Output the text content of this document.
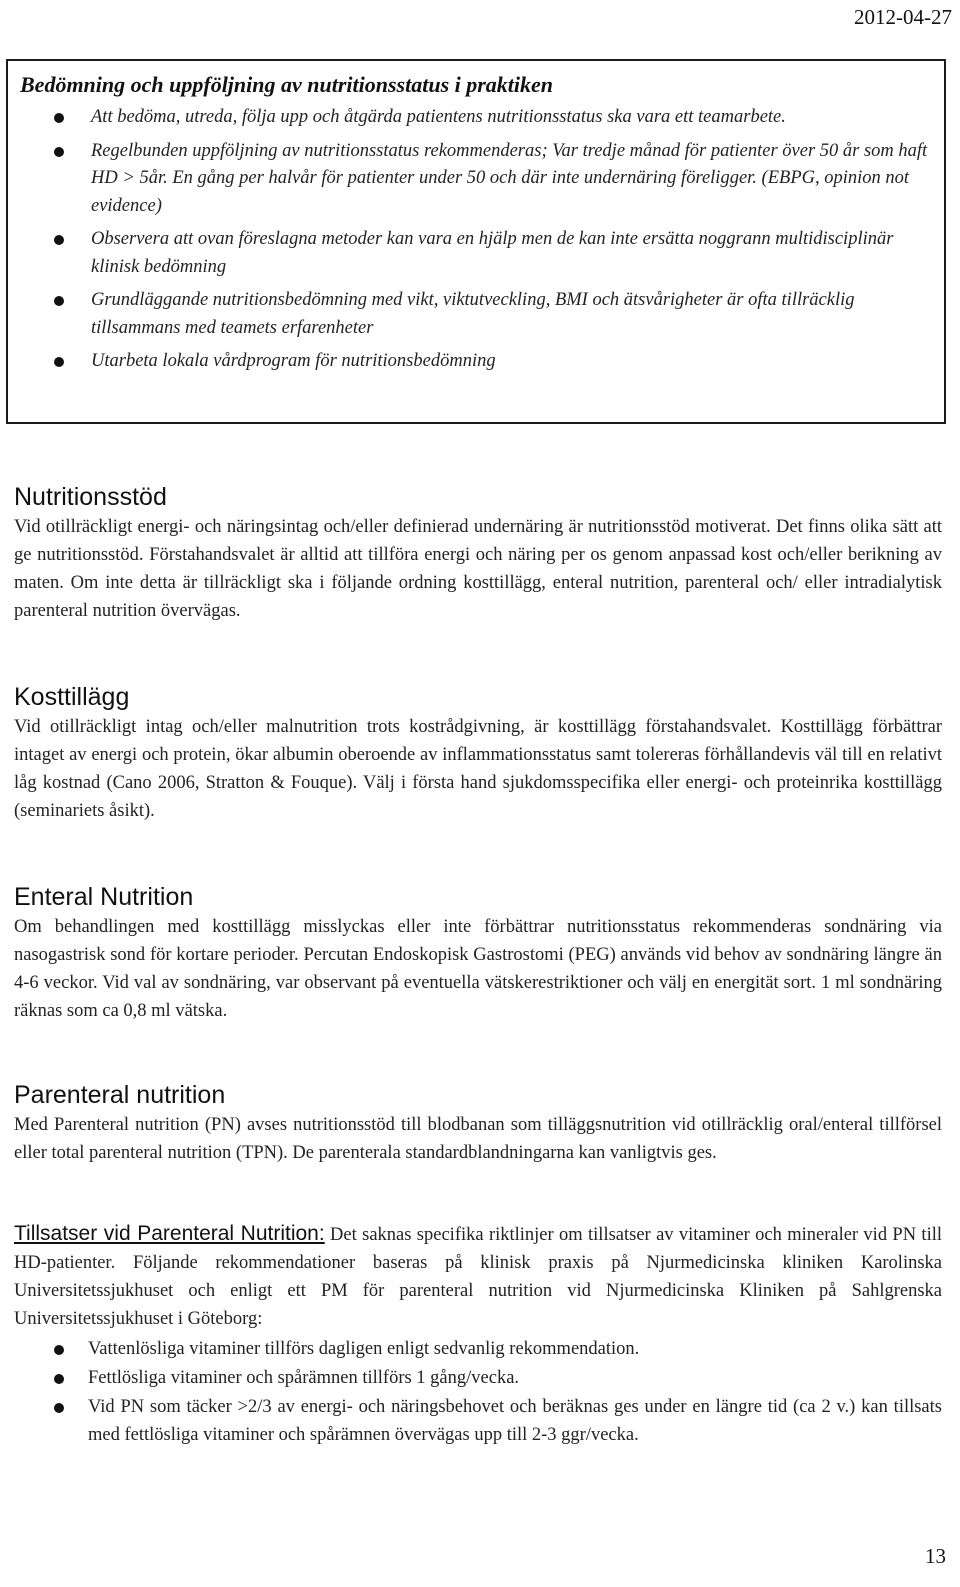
2012-04-27
Bedömning och uppföljning av nutritionsstatus i praktiken
Att bedöma, utreda, följa upp och åtgärda patientens nutritionsstatus ska vara ett teamarbete.
Regelbunden uppföljning av nutritionsstatus rekommenderas; Var tredje månad för patienter över 50 år som haft HD > 5år. En gång per halvår för patienter under 50 och där inte undernäring föreligger. (EBPG, opinion not evidence)
Observera att ovan föreslagna metoder kan vara en hjälp men de kan inte ersätta noggrann multidisciplinär klinisk bedömning
Grundläggande nutritionsbedömning med vikt, viktutveckling, BMI och ätsvårigheter är ofta tillräcklig tillsammans med teamets erfarenheter
Utarbeta lokala vårdprogram för nutritionsbedömning
Nutritionsstöd

Vid otillräckligt energi- och näringsintag och/eller definierad undernäring är nutritionsstöd motiverat. Det finns olika sätt att ge nutritionsstöd. Förstahandsvalet är alltid att tillföra energi och näring per os genom anpassad kost och/eller berikning av maten. Om inte detta är tillräckligt ska i följande ordning kosttillägg, enteral nutrition, parenteral och/ eller intradialytisk parenteral nutrition övervägas.

Kosttillägg

Vid otillräckligt intag och/eller malnutrition trots kostrådgivning, är kosttillägg förstahandsvalet. Kosttillägg förbättrar intaget av energi och protein, ökar albumin oberoende av inflammationsstatus samt tolereras förhållandevis väl till en relativt låg kostnad (Cano 2006, Stratton & Fouque). Välj i första hand sjukdomsspecifika eller energi- och proteinrika kosttillägg (seminariets åsikt).

Enteral Nutrition

Om behandlingen med kosttillägg misslyckas eller inte förbättrar nutritionsstatus rekommenderas sondnäring via nasogastrisk sond för kortare perioder. Percutan Endoskopisk Gastrostomi (PEG) används vid behov av sondnäring längre än 4-6 veckor. Vid val av sondnäring, var observant på eventuella vätskerestriktioner och välj en energität sort. 1 ml sondnäring räknas som ca 0,8 ml vätska.

Parenteral nutrition

Med Parenteral nutrition (PN) avses nutritionsstöd till blodbanan som tilläggsnutrition vid otillräcklig oral/enteral tillförsel eller total parenteral nutrition (TPN). De parenterala standardblandningarna kan vanligtvis ges.

Tillsatser vid Parenteral Nutrition: Det saknas specifika riktlinjer om tillsatser av vitaminer och mineraler vid PN till HD-patienter. Följande rekommendationer baseras på klinisk praxis på Njurmedicinska kliniken Karolinska Universitetssjukhuset och enligt ett PM för parenteral nutrition vid Njurmedicinska Kliniken på Sahlgrenska Universitetssjukhuset i Göteborg:

Vattenlösliga vitaminer tillförs dagligen enligt sedvanlig rekommendation.
Fettlösliga vitaminer och spårämnen tillförs 1 gång/vecka.
Vid PN som täcker >2/3 av energi- och näringsbehovet och beräknas ges under en längre tid (ca 2 v.) kan tillsats med fettlösliga vitaminer och spårämnen övervägas upp till 2-3 ggr/vecka.
13
